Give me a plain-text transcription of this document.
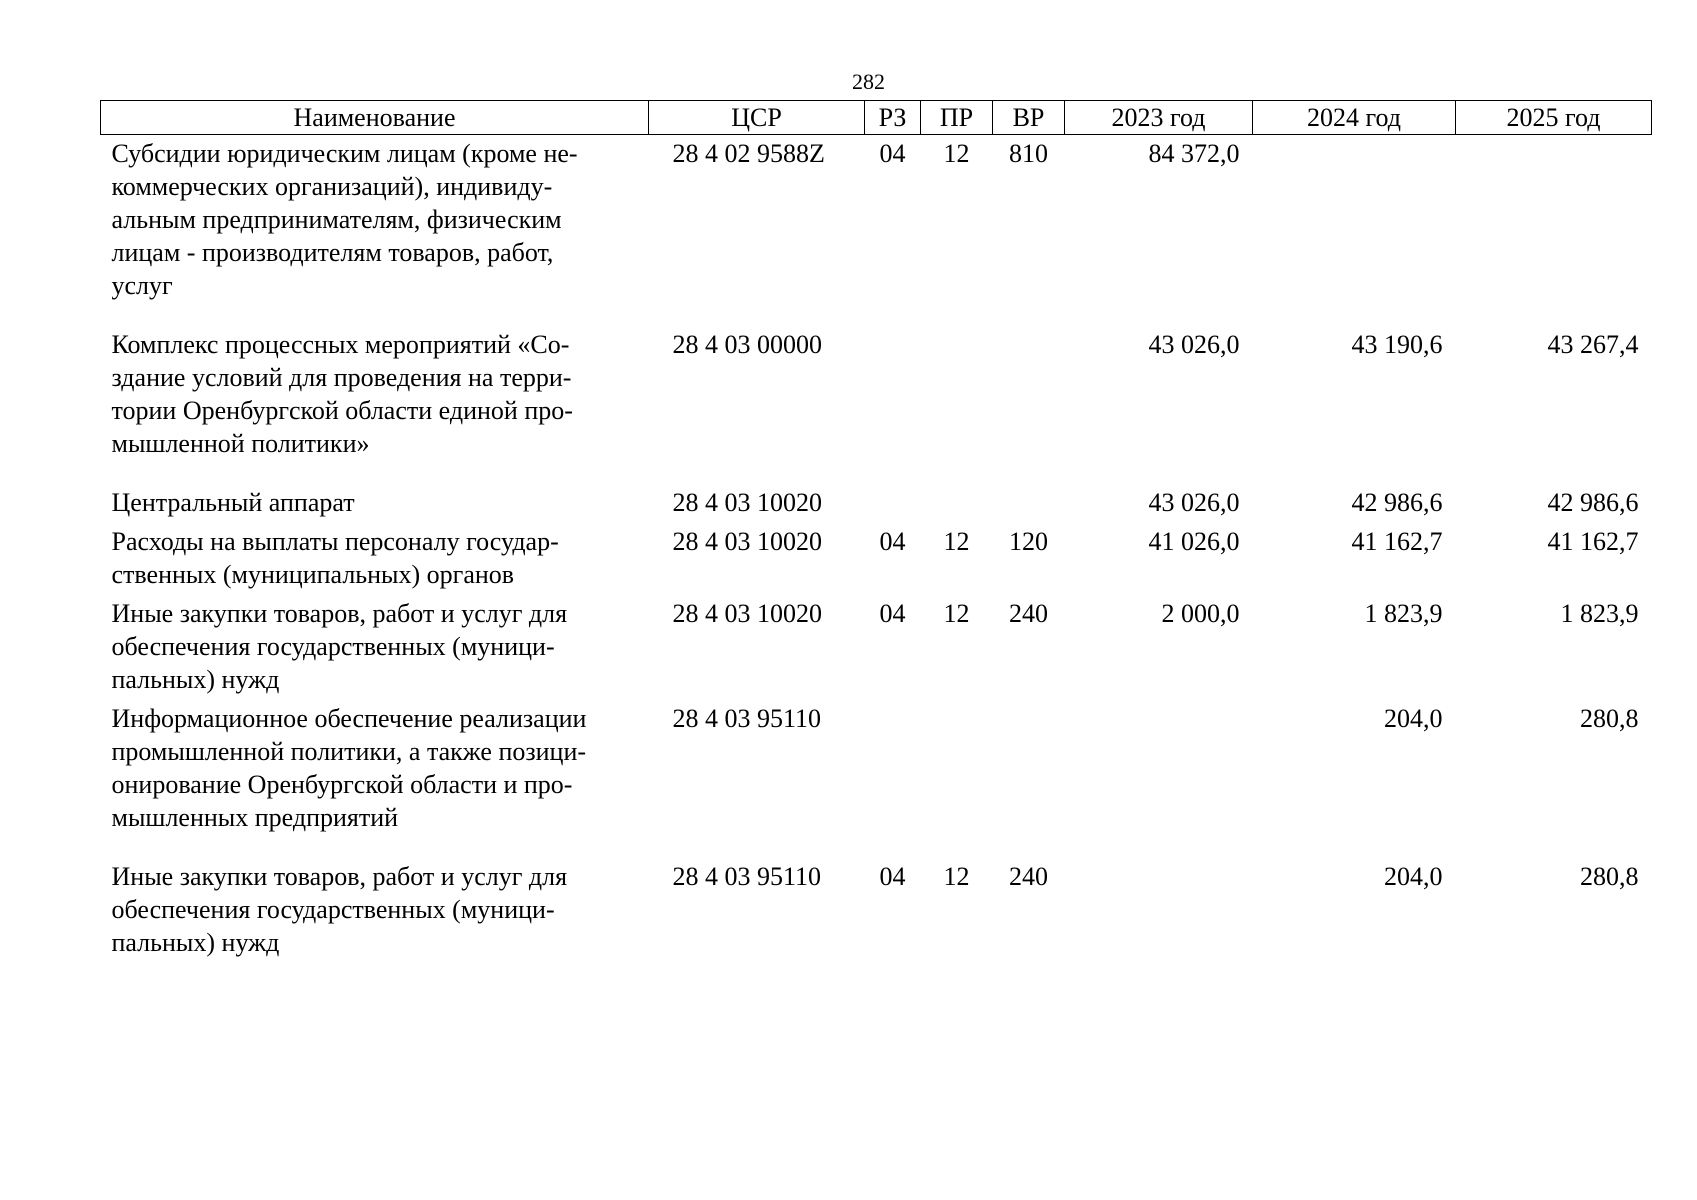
282
Наименование	ЦСР	РЗ	ПР	ВР	2023 год	2024 год	2025 год

Субсидии юридическим лицам (кроме не-
коммерческих организаций), индивиду-
альным предпринимателям, физическим
лицам - производителям товаров, работ,
услуг	28 4 02 9588Z	04	12	810	84 372,0		

Комплекс процессных мероприятий «Со-
здание условий для проведения на терри-
тории Оренбургской области единой про-
мышленной политики»	28 4 03 00000				43 026,0	43 190,6	43 267,4

Центральный аппарат	28 4 03 10020				43 026,0	42 986,6	42 986,6

Расходы на выплаты персоналу государ-
ственных (муниципальных) органов	28 4 03 10020	04	12	120	41 026,0	41 162,7	41 162,7

Иные закупки товаров, работ и услуг для
обеспечения государственных (муници-
пальных) нужд	28 4 03 10020	04	12	240	2 000,0	1 823,9	1 823,9

Информационное обеспечение реализации
промышленной политики, а также позици-
онирование Оренбургской области и про-
мышленных предприятий	28 4 03 95110					204,0	280,8

Иные закупки товаров, работ и услуг для
обеспечения государственных (муници-
пальных) нужд	28 4 03 95110	04	12	240		204,0	280,8
